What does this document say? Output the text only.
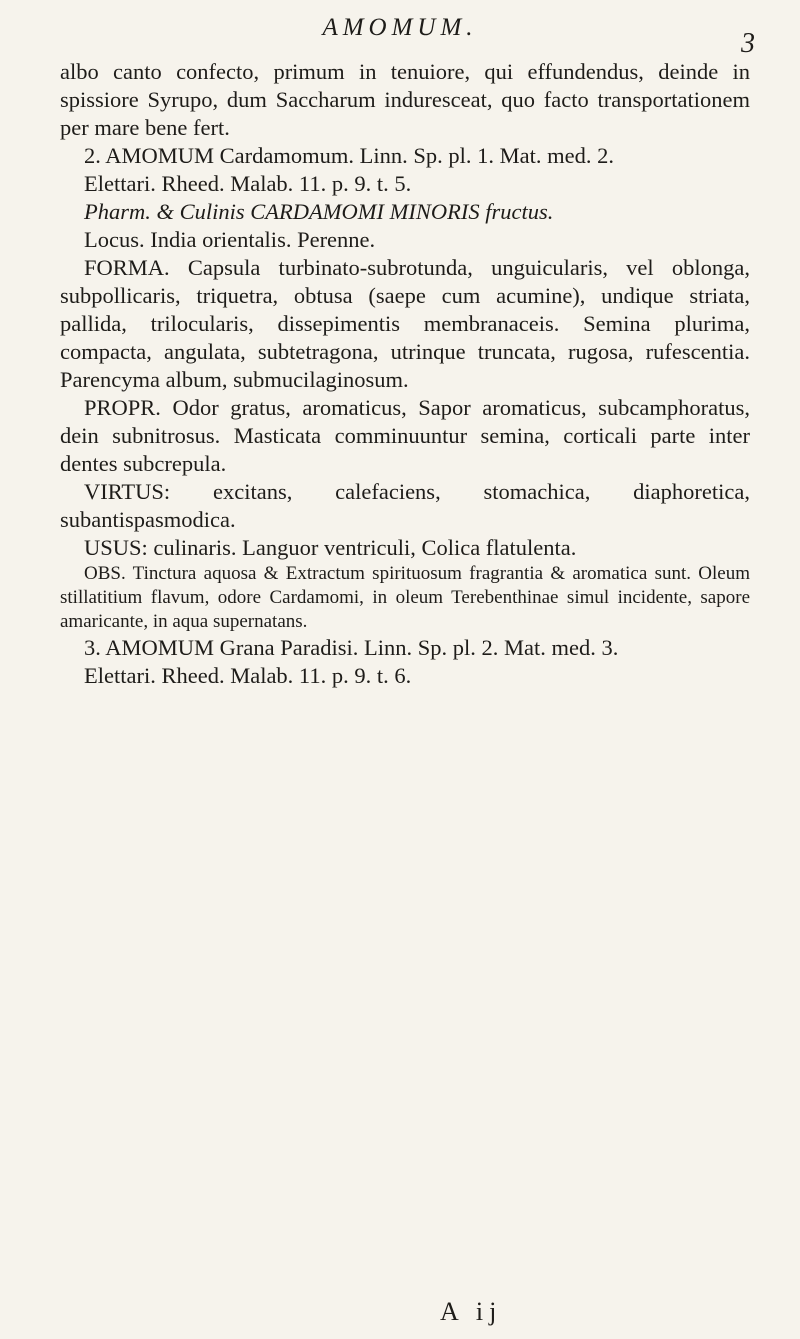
AMOMUM.
3

albo canto confecto, primum in tenuiore, qui effundendus, deinde in spissiore Syrupo, dum Saccharum induresceat, quo facto transportationem per mare bene fert.

2. AMOMUM Cardamomum. Linn. Sp. pl. 1. Mat. med. 2.

Elettari. Rheed. Malab. 11. p. 9. t. 5.

Pharm. & Culinis CARDAMOMI MINORIS fructus.

Locus. India orientalis. Perenne.

FORMA. Capsula turbinato-subrotunda, unguicularis, vel oblonga, subpollicaris, triquetra, obtusa (saepe cum acumine), undique striata, pallida, trilocularis, dissepimentis membranaceis. Semina plurima, compacta, angulata, subtetragona, utrinque truncata, rugosa, rufescentia. Parencyma album, submucilaginosum.

PROPR. Odor gratus, aromaticus, Sapor aromaticus, subcamphoratus, dein subnitrosus. Masticata comminuuntur semina, corticali parte inter dentes subcrepula.

VIRTUS: excitans, calefaciens, stomachica, diaphoretica, subantispasmodica.

USUS: culinaris. Languor ventriculi, Colica flatulenta.

OBS. Tinctura aquosa & Extractum spirituosum fragrantia & aromatica sunt. Oleum stillatitium flavum, odore Cardamomi, in oleum Terebenthinae simul incidente, sapore amaricante, in aqua supernatans.

3. AMOMUM Grana Paradisi. Linn. Sp. pl. 2. Mat. med. 3.

Elettari. Rheed. Malab. 11. p. 9. t. 6.

A ij
